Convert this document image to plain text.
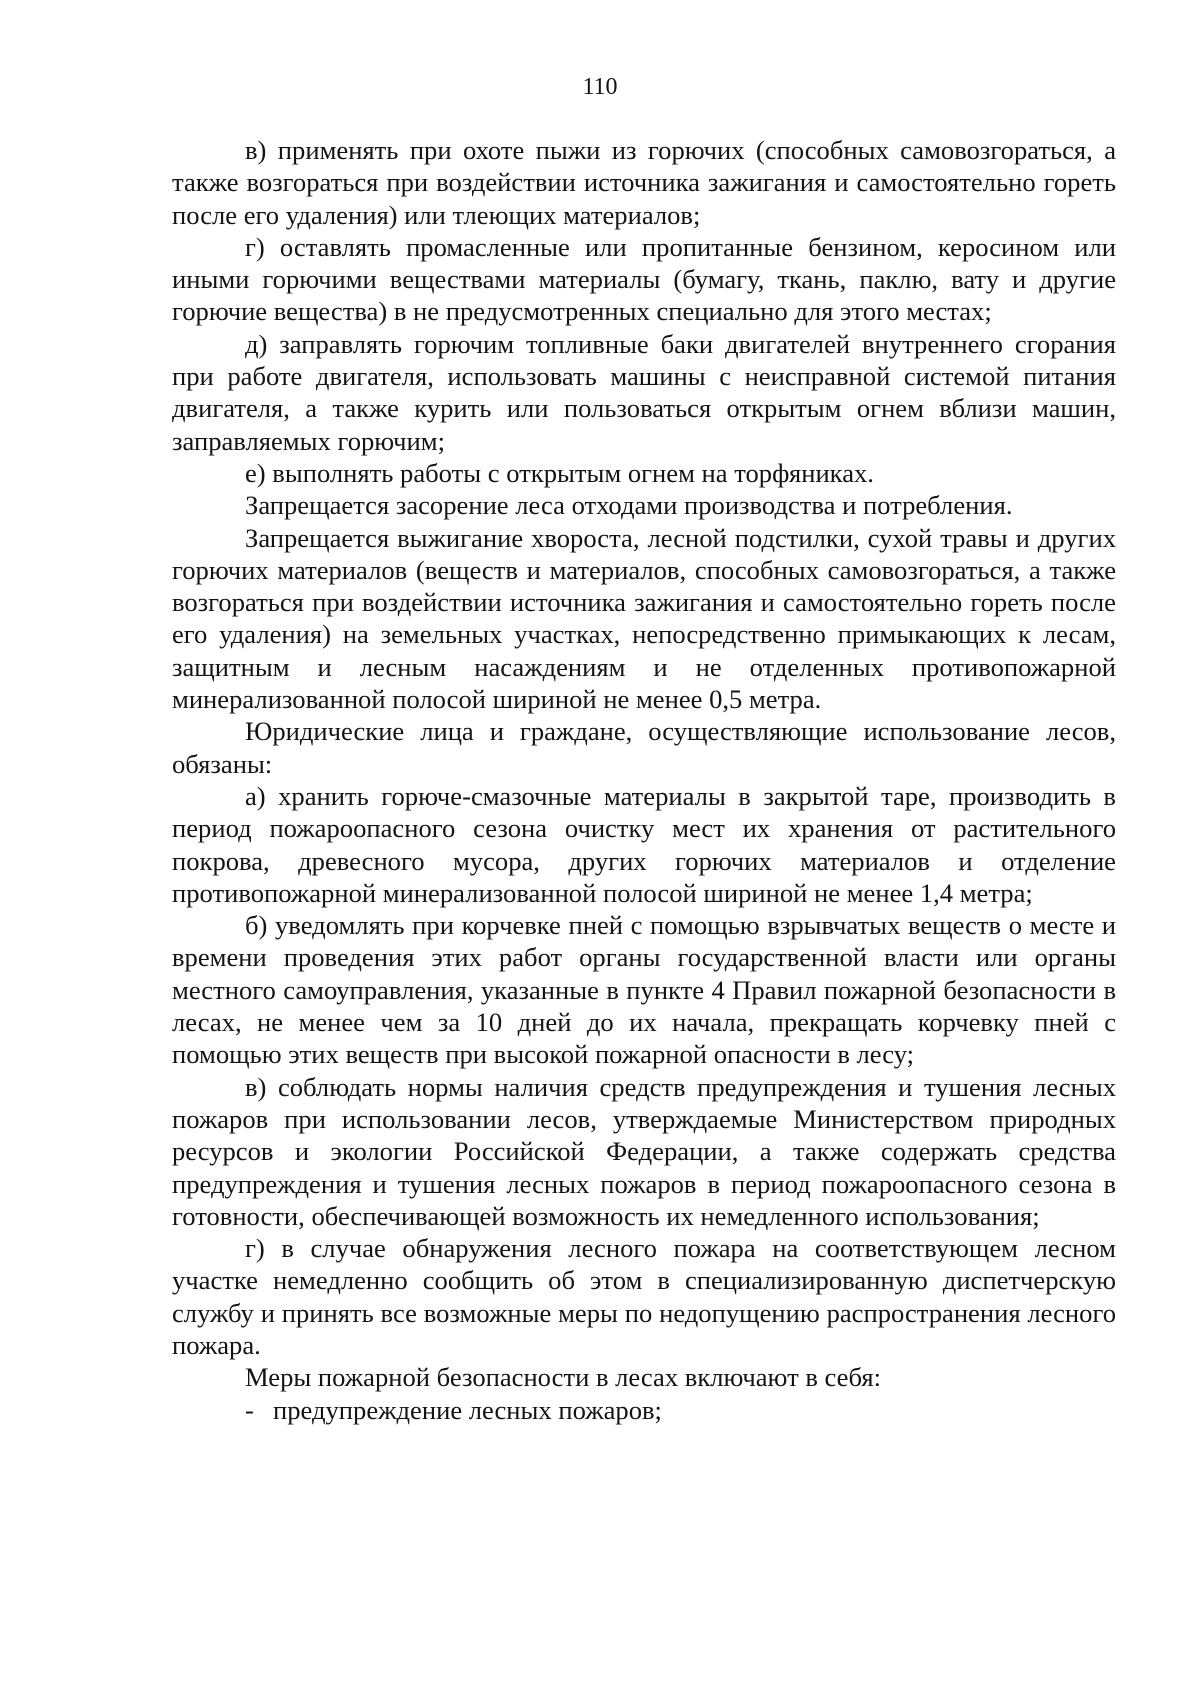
110

в) применять при охоте пыжи из горючих (способных самовозгораться, а также возгораться при воздействии источника зажигания и самостоятельно гореть после его удаления) или тлеющих материалов;

г) оставлять промасленные или пропитанные бензином, керосином или иными горючими веществами материалы (бумагу, ткань, паклю, вату и другие горючие вещества) в не предусмотренных специально для этого местах;

д) заправлять горючим топливные баки двигателей внутреннего сгорания при работе двигателя, использовать машины с неисправной системой питания двигателя, а также курить или пользоваться открытым огнем вблизи машин, заправляемых горючим;

е) выполнять работы с открытым огнем на торфяниках.

Запрещается засорение леса отходами производства и потребления.

Запрещается выжигание хвороста, лесной подстилки, сухой травы и других горючих материалов (веществ и материалов, способных самовозгораться, а также возгораться при воздействии источника зажигания и самостоятельно гореть после его удаления) на земельных участках, непосредственно примыкающих к лесам, защитным и лесным насаждениям и не отделенных противопожарной минерализованной полосой шириной не менее 0,5 метра.

Юридические лица и граждане, осуществляющие использование лесов, обязаны:

а) хранить горюче-смазочные материалы в закрытой таре, производить в период пожароопасного сезона очистку мест их хранения от растительного покрова, древесного мусора, других горючих материалов и отделение противопожарной минерализованной полосой шириной не менее 1,4 метра;

б) уведомлять при корчевке пней с помощью взрывчатых веществ о месте и времени проведения этих работ органы государственной власти или органы местного самоуправления, указанные в пункте 4 Правил пожарной безопасности в лесах, не менее чем за 10 дней до их начала, прекращать корчевку пней с помощью этих веществ при высокой пожарной опасности в лесу;

в) соблюдать нормы наличия средств предупреждения и тушения лесных пожаров при использовании лесов, утверждаемые Министерством природных ресурсов и экологии Российской Федерации, а также содержать средства предупреждения и тушения лесных пожаров в период пожароопасного сезона в готовности, обеспечивающей возможность их немедленного использования;

г) в случае обнаружения лесного пожара на соответствующем лесном участке немедленно сообщить об этом в специализированную диспетчерскую службу и принять все возможные меры по недопущению распространения лесного пожара.

Меры пожарной безопасности в лесах включают в себя:

- предупреждение лесных пожаров;
